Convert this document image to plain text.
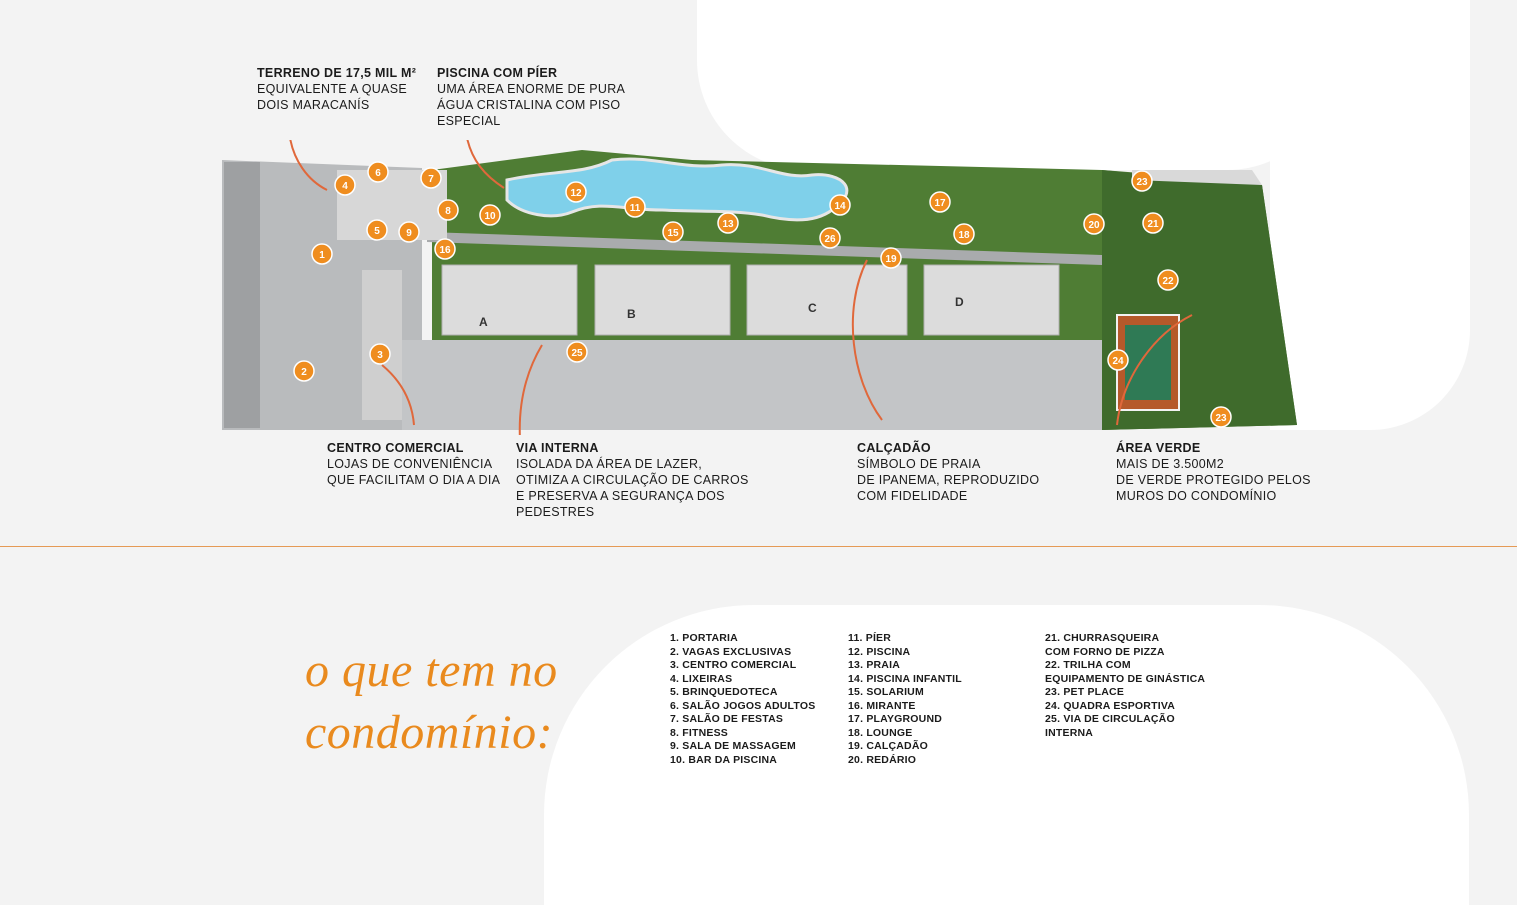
TERRENO DE 17,5 MIL M²
EQUIVALENTE A QUASE
DOIS MARACANÍS
PISCINA COM PÍER
UMA ÁREA ENORME DE PURA
ÁGUA CRISTALINA COM PISO
ESPECIAL
CENTRO COMERCIAL
LOJAS DE CONVENIÊNCIA
QUE FACILITAM O DIA A DIA
VIA INTERNA
ISOLADA DA ÁREA DE LAZER,
OTIMIZA A CIRCULAÇÃO DE CARROS
E PRESERVA A SEGURANÇA DOS
PEDESTRES
CALÇADÃO
SÍMBOLO DE PRAIA
DE IPANEMA, REPRODUZIDO
COM FIDELIDADE
ÁREA VERDE
MAIS DE 3.500M2
DE VERDE PROTEGIDO PELOS
MUROS DO CONDOMÍNIO
A
B	C	D
1
2
3
4
5
6
7
8
9
10
11
12
13
14
15
16
17
18
19
20	21
22
23
23
24
25
26
o que tem no
condomínio:
1. PORTARIA
2. VAGAS EXCLUSIVAS
3. CENTRO COMERCIAL
4. LIXEIRAS
5. BRINQUEDOTECA
6. SALÃO JOGOS ADULTOS
7. SALÃO DE FESTAS
8. FITNESS
9. SALA DE MASSAGEM
10. BAR DA PISCINA
11. PÍER
12. PISCINA
13. PRAIA
14. PISCINA INFANTIL
15. SOLARIUM
16. MIRANTE
17. PLAYGROUND
18. LOUNGE
19. CALÇADÃO
20. REDÁRIO
21. CHURRASQUEIRA
COM FORNO DE PIZZA
22. TRILHA COM
EQUIPAMENTO DE GINÁSTICA
23. PET PLACE
24. QUADRA ESPORTIVA
25. VIA DE CIRCULAÇÃO
INTERNA
